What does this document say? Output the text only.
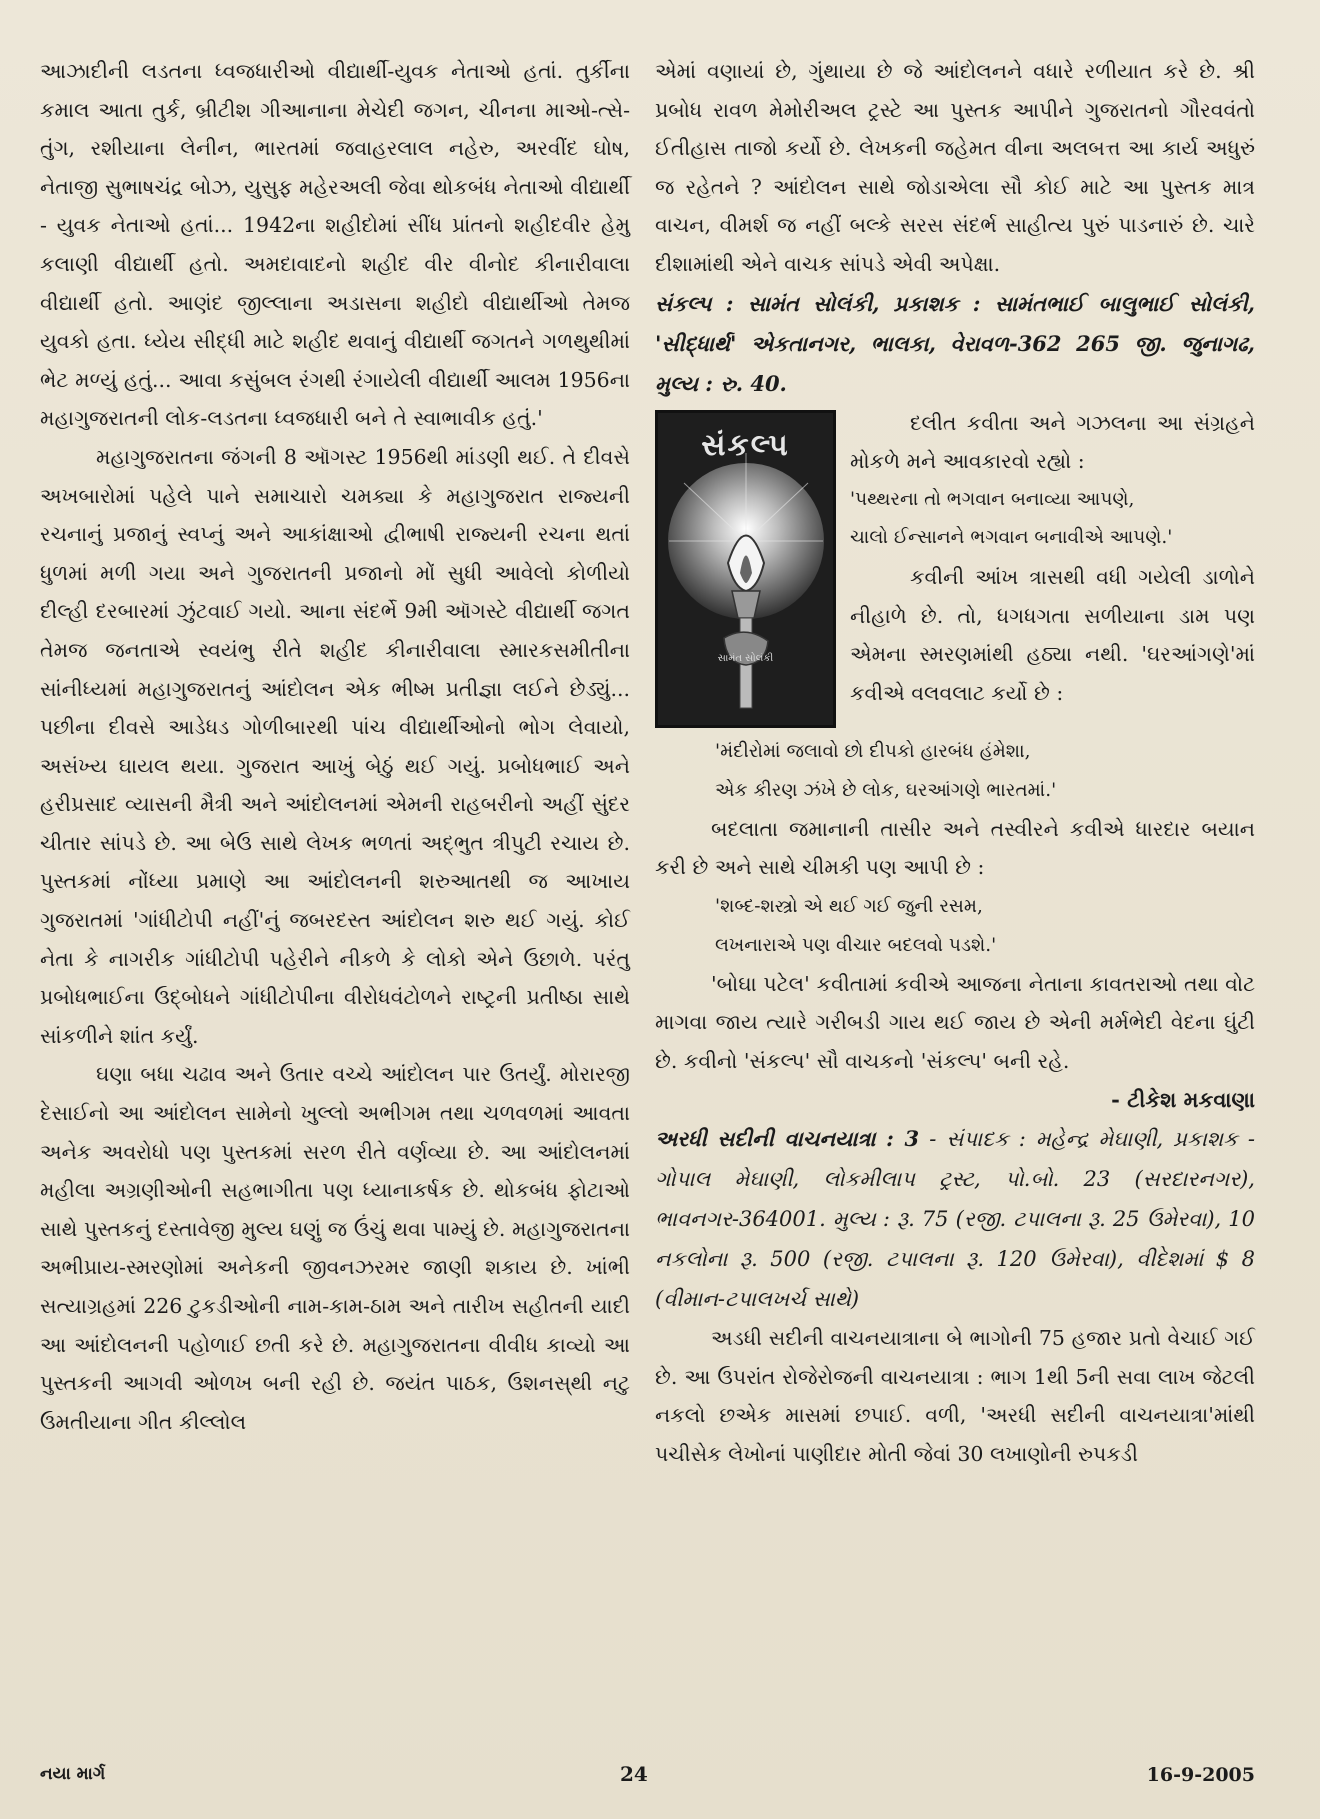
આઝાદીની લડતના ધ્વજધારીઓ વીદ્યાર્થી-યુવક નેતાઓ હતાં. તુર્કીના કમાલ આતા તુર્ક, બ્રીટીશ ગીઆનાના મેચેદી જગન, ચીનના માઓ-ત્સે-તુંગ, રશીયાના લેનીન, ભારતમાં જવાહરલાલ નહેરુ, અરવીંદ ઘોષ, નેતાજી સુભાષચંદ્ર બોઝ, યુસુફ મહેરઅલી જેવા થોકબંધ નેતાઓ વીદ્યાર્થી - યુવક નેતાઓ હતાં... 1942ના શહીદોમાં સીંધ પ્રાંતનો શહીદવીર હેમુ કલાણી વીદ્યાર્થી હતો. અમદાવાદનો શહીદ વીર વીનોદ કીનારીવાલા વીદ્યાર્થી હતો. આણંદ જીલ્લાના અડાસના શહીદો વીદ્યાર્થીઓ તેમજ યુવકો હતા. ધ્યેય સીદ્ધી માટે શહીદ થવાનું વીદ્યાર્થી જગતને ગળથુથીમાં ભેટ મળ્યું હતું... આવા કસુંબલ રંગથી રંગાયેલી વીદ્યાર્થી આલમ 1956ના મહાગુજરાતની લોક-લડતના ધ્વજધારી બને તે સ્વાભાવીક હતું.'

મહાગુજરાતના જંગની 8 ઑગસ્ટ 1956થી માંડણી થઈ. તે દીવસે અખબારોમાં પહેલે પાને સમાચારો ચમક્યા કે મહાગુજરાત રાજ્યની રચનાનું પ્રજાનું સ્વપ્નું અને આકાંક્ષાઓ દ્વીભાષી રાજ્યની રચના થતાં ધુળમાં મળી ગયા અને ગુજરાતની પ્રજાનો મોં સુધી આવેલો કોળીયો દીલ્હી દરબારમાં ઝુંટવાઈ ગયો. આના સંદર્ભે 9મી ઑગસ્ટે વીદ્યાર્થી જગત તેમજ જનતાએ સ્વયંભુ રીતે શહીદ કીનારીવાલા સ્મારકસમીતીના સાંનીધ્યમાં મહાગુજરાતનું આંદોલન એક ભીષ્મ પ્રતીજ્ઞા લઈને છેડ્યું... પછીના દીવસે આડેધડ ગોળીબારથી પાંચ વીદ્યાર્થીઓનો ભોગ લેવાયો, અસંખ્ય ઘાયલ થયા. ગુજરાત આખું બેઠું થઈ ગયું. પ્રબોધભાઈ અને હરીપ્રસાદ વ્યાસની મૈત્રી અને આંદોલનમાં એમની રાહબરીનો અહીં સુંદર ચીતાર સાંપડે છે. આ બેઉ સાથે લેખક ભળતાં અદ્‌ભુત ત્રીપુટી રચાય છે. પુસ્તકમાં નોંધ્યા પ્રમાણે આ આંદોલનની શરુઆતથી જ આખાય ગુજરાતમાં 'ગાંધીટોપી નહીં'નું જબરદસ્ત આંદોલન શરુ થઈ ગયું. કોઈ નેતા કે નાગરીક ગાંધીટોપી પહેરીને નીકળે કે લોકો એને ઉછાળે. પરંતુ પ્રબોધભાઈના ઉદ્‌બોધને ગાંધીટોપીના વીરોધવંટોળને રાષ્ટ્રની પ્રતીષ્ઠા સાથે સાંકળીને શાંત કર્યું.

ઘણા બધા ચઢાવ અને ઉતાર વચ્ચે આંદોલન પાર ઉતર્યું. મોરારજી દેસાઈનો આ આંદોલન સામેનો ખુલ્લો અભીગમ તથા ચળવળમાં આવતા અનેક અવરોધો પણ પુસ્તકમાં સરળ રીતે વર્ણવ્યા છે. આ આંદોલનમાં મહીલા અગ્રણીઓની સહભાગીતા પણ ધ્યાનાકર્ષક છે. થોકબંધ ફોટાઓ સાથે પુસ્તકનું દસ્તાવેજી મુલ્ય ઘણું જ ઉંચું થવા પામ્યું છે. મહાગુજરાતના અભીપ્રાય-સ્મરણોમાં અનેકની જીવનઝરમર જાણી શકાય છે. ખાંભી સત્યાગ્રહમાં 226 ટુકડીઓની નામ-કામ-ઠામ અને તારીખ સહીતની યાદી આ આંદોલનની પહોળાઈ છતી કરે છે. મહાગુજરાતના વીવીધ કાવ્યો આ પુસ્તકની આગવી ઓળખ બની રહી છે. જયંત પાઠક, ઉશનસ્‌થી નટુ ઉમતીયાના ગીત કીલ્લોલ

એમાં વણાયાં છે, ગુંથાયા છે જે આંદોલનને વધારે રળીયાત કરે છે. શ્રી પ્રબોધ રાવળ મેમોરીઅલ ટ્રસ્ટે આ પુસ્તક આપીને ગુજરાતનો ગૌરવવંતો ઈતીહાસ તાજો કર્યો છે. લેખકની જહેમત વીના અલબત્ત આ કાર્ય અધુરું જ રહેતને ? આંદોલન સાથે જોડાએલા સૌ કોઈ માટે આ પુસ્તક માત્ર વાચન, વીમર્શ જ નહીં બલ્કે સરસ સંદર્ભ સાહીત્ય પુરું પાડનારું છે. ચારે દીશામાંથી એને વાચક સાંપડે એવી અપેક્ષા.

સંકલ્પ : સામંત સોલંકી, પ્રકાશક : સામંતભાઈ બાલુભાઈ સોલંકી, 'સીદ્ધાર્થ' એકતાનગર, ભાલકા, વેરાવળ-362 265 જી. જુનાગઢ, મુલ્ય : રુ. 40.

સંકલ્પ
સામંત સોલંકી

દલીત કવીતા અને ગઝલના આ સંગ્રહને મોકળે મને આવકારવો રહ્યો :

'પથ્થરના તો ભગવાન બનાવ્યા આપણે,

ચાલો ઈન્સાનને ભગવાન બનાવીએ આપણે.'

કવીની આંખ ત્રાસથી વધી ગયેલી ડાળોને નીહાળે છે. તો, ધગધગતા સળીયાના ડામ પણ એમના સ્મરણમાંથી હઠ્યા નથી. 'ઘરઆંગણે'માં કવીએ વલવલાટ કર્યો છે :

'મંદીરોમાં જલાવો છો દીપકો હારબંધ હંમેશા,

એક કીરણ ઝંખે છે લોક, ઘરઆંગણે ભારતમાં.'

બદલાતા જમાનાની તાસીર અને તસ્વીરને કવીએ ધારદાર બયાન કરી છે અને સાથે ચીમકી પણ આપી છે :

'શબ્દ-શસ્ત્રો એ થઈ ગઈ જુની રસમ,

લખનારાએ પણ વીચાર બદલવો પડશે.'

'બોઘા પટેલ' કવીતામાં કવીએ આજના નેતાના કાવતરાઓ તથા વોટ માગવા જાય ત્યારે ગરીબડી ગાય થઈ જાય છે એની મર્મભેદી વેદના ઘુંટી છે. કવીનો 'સંકલ્પ' સૌ વાચકનો 'સંકલ્પ' બની રહે.

- ટીકેશ મકવાણા

અરધી સદીની વાચનયાત્રા : 3 - સંપાદક : મહેન્દ્ર મેઘાણી, પ્રકાશક - ગોપાલ મેઘાણી, લોકમીલાપ ટ્રસ્ટ, પો.બો. 23 (સરદારનગર), ભાવનગર-364001. મુલ્ય : રૂ. 75 (રજી. ટપાલના રૂ. 25 ઉમેરવા), 10 નકલોના રૂ. 500 (રજી. ટપાલના રૂ. 120 ઉમેરવા), વીદેશમાં $ 8 (વીમાન-ટપાલખર્ચ સાથે)

અડધી સદીની વાચનયાત્રાના બે ભાગોની 75 હજાર પ્રતો વેચાઈ ગઈ છે. આ ઉપરાંત રોજેરોજની વાચનયાત્રા : ભાગ 1થી 5ની સવા લાખ જેટલી નકલો છએક માસમાં છપાઈ. વળી, 'અરધી સદીની વાચનયાત્રા'માંથી પચીસેક લેખોનાં પાણીદાર મોતી જેવાં 30 લખાણોની રુપકડી

નયા માર્ગ	24	16-9-2005
